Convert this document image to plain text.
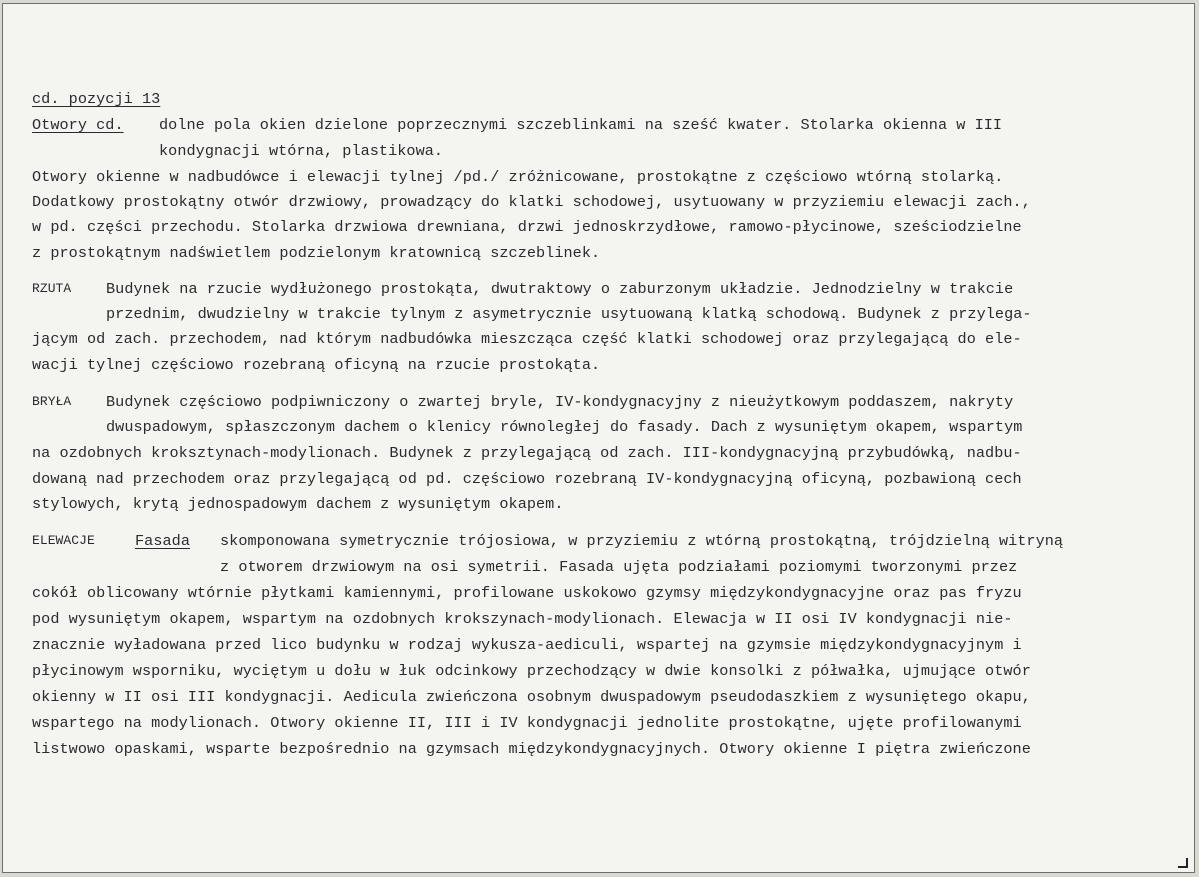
cd. pozycji 13
Otwory cd. dolne pola okien dzielone poprzecznymi szczeblinkami na sześć kwater. Stolarka okienna w III
kondygnacji wtórna, plastikowa.
Otwory okienne w nadbudówce i elewacji tylnej /pd./ zróżnicowane, prostokątne z częściowo wtórną stolarką.
Dodatkowy prostokątny otwór drzwiowy, prowadzący do klatki schodowej, usytuowany w przyziemiu elewacji zach.,
w pd. części przechodu. Stolarka drzwiowa drewniana, drzwi jednoskrzydłowe, ramowo-płycinowe, sześciodzielne
z prostokątnym nadświetlem podzielonym kratownicą szczeblinek.
RZUTA Budynek na rzucie wydłużonego prostokąta, dwutraktowy o zaburzonym układzie. Jednodzielny w trakcie
przednim, dwudzielny w trakcie tylnym z asymetrycznie usytuowaną klatką schodową. Budynek z przylega-
jącym od zach. przechodem, nad którym nadbudówka mieszcząca część klatki schodowej oraz przylegającą do ele-
wacji tylnej częściowo rozebraną oficyną na rzucie prostokąta.
BRYŁA Budynek częściowo podpiwniczony o zwartej bryle, IV-kondygnacyjny z nieużytkowym poddaszem, nakryty
dwuspadowym, spłaszczonym dachem o klenicy równoległej do fasady. Dach z wysuniętym okapem, wspartym
na ozdobnych kroksztynach-modylionach. Budynek z przylegającą od zach. III-kondygnacyjną przybudówką, nadbu-
dowaną nad przechodem oraz przylegającą od pd. częściowo rozebraną IV-kondygnacyjną oficyną, pozbawioną cech
stylowych, krytą jednospadowym dachem z wysuniętym okapem.
ELEWACJE	Fasada skomponowana symetrycznie trójosiowa, w przyziemiu z wtórną prostokątną, trójdzielną witryną
z otworem drzwiowym na osi symetrii. Fasada ujęta podziałami poziomymi tworzonymi przez
cokół oblicowany wtórnie płytkami kamiennymi, profilowane uskokowo gzymsy międzykondygnacyjne oraz pas fryzu
pod wysuniętym okapem, wspartym na ozdobnych krokszynach-modylionach. Elewacja w II osi IV kondygnacji nie-
znacznie wyładowana przed lico budynku w rodzaj wykusza-aediculi, wspartej na gzymsie międzykondygnacyjnym i
płycinowym wsporniku, wyciętym u dołu w łuk odcinkowy przechodzący w dwie konsolki z półwałka, ujmujące otwór
okienny w II osi III kondygnacji. Aedicula zwieńczona osobnym dwuspadowym pseudodaszkiem z wysuniętego okapu,
wspartego na modylionach. Otwory okienne II, III i IV kondygnacji jednolite prostokątne, ujęte profilowanymi
listwowo opaskami, wsparte bezpośrednio na gzymsach międzykondygnacyjnych. Otwory okienne I piętra zwieńczone
